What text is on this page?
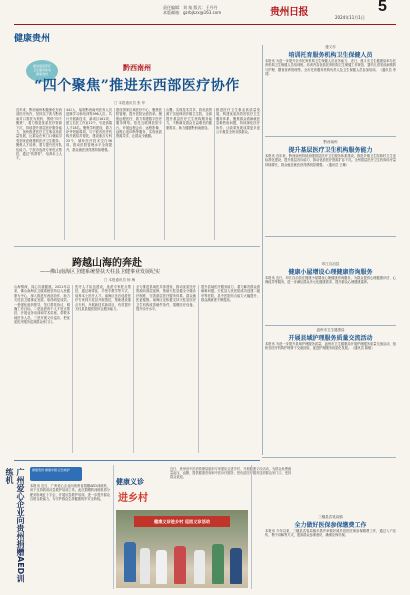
责任编辑：刘 灿 版式：王丹丹
本版邮箱：gzrbjkzx@163.com	贵州日报	5
2024年11月1日
健康贵州
推进基层医疗
卫生服务体系
健康贵州
黔西南州
“四个聚焦”推进东西部医疗协作
□ 本报通讯员 张 华
近年来，黔西南州积极深化东西部医疗协作，坚持以宁波与黔西南对口帮扶为契机，围绕“四个聚焦”，着力推进优质医疗资源下沉，持续提升基层医疗服务能力，加快推进医疗卫生事业高质量发展，让群众在家门口就能享受到优质便捷的医疗卫生服务。聚焦人才培养，着力提升医疗队伍能力。宁波市选派专家驻点帮扶，通过“传帮带”，培养本土人才。
441人，接收黔西南州医务人员进修学习和培训等496人次。共计开展新技术、新项目161项，建立名医工作室12个，引进高端人才18名。聚焦学科建设，着力补齐短板弱项。与宁波市医疗机构开展结对帮扶，建设重点专科25个，填补医疗技术空白36项，推动医院管理水平全面提升，群众就医获得感持续增强。
建设国家区域医疗中心，聚焦医院管理，提升医院运营效率。聚焦远程医疗，着力构建数字医疗服务网络。依托互联网医院平台，开展远程会诊、远程影像、远程心电诊断等服务，实现优质资源共享，让群众少跑腿。
山鹰。实现技术共享，将优质资源下沉延伸到乡镇卫生院，全面提升基层医疗卫生机构服务能力，不断满足群众日益增长的健康需求，助力健康黔西南建设。
推进医疗卫生事业高质量发展，构建优质高效的医疗卫生服务体系，聚焦群众看病就医急难愁盼问题，持续深化医疗协作，让改革发展成果更多更公平惠及全州各族群众。
跨越山海的奔赴
——佛山南海区卫健系统帮扶天柱县卫健事业发展纪实
□ 本报通讯员 杨 梅
山海情深，同心共谱健康。2021年以来，佛山南海区卫健系统坚持以人民健康为中心，深入推进东西部协作，助力天柱县卫健事业发展，取得明显成效。一是强化组织领导，签订帮扶协议，明确工作目标。二是选派骨干人才驻点帮扶，开展业务培训和学术讲座，带教本地医务人员。三是开展义诊巡诊，把优质医疗服务送到群众家门口。
医疗人才队伍建设，选派专家驻点帮扶，通过师带徒、手把手教学等方式，培养本土医疗人才。南海区先后选派医疗专家到天柱县开展帮扶，帮助建设重点专科，开展新技术新项目，有效提升天柱县县级医院综合服务能力。
全力推进县域医共体建设，推动优质医疗资源向基层延伸，帮助天柱县健全分级诊疗制度，完善基层医疗服务体系，群众就医更便捷。南海区还积极支持天柱县医疗卫生机构改善硬件条件，捐赠医疗设备，提升诊疗水平。
提升县域医疗服务能力，着力解决群众看病难问题。天柱县人民医院成功创建二级甲等医院，县中医院综合能力大幅提升，群众满意度不断提高。
遵义市
培训托育服务机构卫生保健人员
本报讯 为进一步提升全市托育机构卫生保健人员业务能力，近日，遵义市卫生健康局举办托育机构卫生保健人员培训班。培训内容包括托育机构卫生保健工作规范、婴幼儿常见疾病预防与护理、膳食营养管理等。全市托育服务机构负责人及卫生保健人员参加培训。（通讯员 李靖）
黔西南州
提升基层医疗卫生机构服务能力
本报讯 近年来，黔西南州持续加强基层医疗卫生服务体系建设，推进乡镇卫生院和村卫生室标准化建设，提升基层首诊能力，推动优质医疗资源扩容下沉。全州基层医疗卫生机构诊疗量持续增长，群众就近就医获得感明显增强。（通讯员 王琳）
印江自治县
健康小屋增设心理健康咨询服务
本报讯 近日，印江自治县在健康小屋增设心理健康咨询服务，为群众提供心理健康评估、心理疏导等服务，进一步满足群众多元化健康需求，提升群众心理健康素养。
盘州市卫生健康局
开展县域护理服务质量交流活动
本报讯 为进一步提升县域护理服务质量，盘州市卫生健康局开展护理服务质量交流活动，组织各医疗机构护理骨干交流经验，促进护理服务同质化发展。（通讯员 陈敏）
三穗县武笔局镇
全力做好医保参保缴费工作
本报讯 今年以来，三穗县武笔局镇多措并举做好城乡居民医保参保缴费工作，通过入户宣传、集中讲解等方式，提高群众参保意识，确保应保尽保。
广州爱心企业向贵州捐赠AED训练机	健康贵州·健康中国·应急救护
本报讯 近日，广州爱心企业向贵州省捐赠AED训练机，用于支持我省应急救护培训工作。此次捐赠的训练机将分配到各地红十字会，开展应急救护培训，进一步提升群众自救互救能力，为守护群众生命健康筑牢安全防线。
健康义诊
进乡村
近日，贵州省中医药管理局组织专家团队走进乡村，开展健康义诊活动，为群众免费测量血压、血糖，提供健康咨询和中医诊疗服务，把优质医疗服务送到群众家门口，受到群众欢迎。
健康义诊进乡村 巡回义诊活动
